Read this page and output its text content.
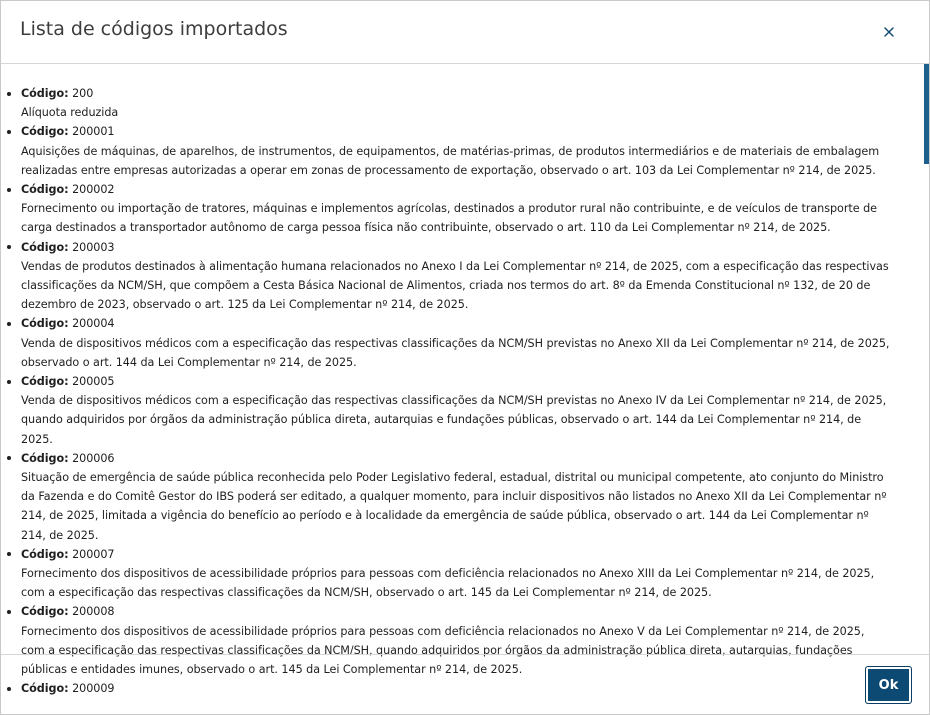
Lista de códigos importados
Código: 200
Alíquota reduzida
Código: 200001
Aquisições de máquinas, de aparelhos, de instrumentos, de equipamentos, de matérias-primas, de produtos intermediários e de materiais de embalagem realizadas entre empresas autorizadas a operar em zonas de processamento de exportação, observado o art. 103 da Lei Complementar nº 214, de 2025.
Código: 200002
Fornecimento ou importação de tratores, máquinas e implementos agrícolas, destinados a produtor rural não contribuinte, e de veículos de transporte de carga destinados a transportador autônomo de carga pessoa física não contribuinte, observado o art. 110 da Lei Complementar nº 214, de 2025.
Código: 200003
Vendas de produtos destinados à alimentação humana relacionados no Anexo I da Lei Complementar nº 214, de 2025, com a especificação das respectivas classificações da NCM/SH, que compõem a Cesta Básica Nacional de Alimentos, criada nos termos do art. 8º da Emenda Constitucional nº 132, de 20 de dezembro de 2023, observado o art. 125 da Lei Complementar nº 214, de 2025.
Código: 200004
Venda de dispositivos médicos com a especificação das respectivas classificações da NCM/SH previstas no Anexo XII da Lei Complementar nº 214, de 2025, observado o art. 144 da Lei Complementar nº 214, de 2025.
Código: 200005
Venda de dispositivos médicos com a especificação das respectivas classificações da NCM/SH previstas no Anexo IV da Lei Complementar nº 214, de 2025, quando adquiridos por órgãos da administração pública direta, autarquias e fundações públicas, observado o art. 144 da Lei Complementar nº 214, de 2025.
Código: 200006
Situação de emergência de saúde pública reconhecida pelo Poder Legislativo federal, estadual, distrital ou municipal competente, ato conjunto do Ministro da Fazenda e do Comitê Gestor do IBS poderá ser editado, a qualquer momento, para incluir dispositivos não listados no Anexo XII da Lei Complementar nº 214, de 2025, limitada a vigência do benefício ao período e à localidade da emergência de saúde pública, observado o art. 144 da Lei Complementar nº 214, de 2025.
Código: 200007
Fornecimento dos dispositivos de acessibilidade próprios para pessoas com deficiência relacionados no Anexo XIII da Lei Complementar nº 214, de 2025, com a especificação das respectivas classificações da NCM/SH, observado o art. 145 da Lei Complementar nº 214, de 2025.
Código: 200008
Fornecimento dos dispositivos de acessibilidade próprios para pessoas com deficiência relacionados no Anexo V da Lei Complementar nº 214, de 2025, com a especificação das respectivas classificações da NCM/SH, quando adquiridos por órgãos da administração pública direta, autarquias, fundações públicas e entidades imunes, observado o art. 145 da Lei Complementar nº 214, de 2025.
Código: 200009	Ok
